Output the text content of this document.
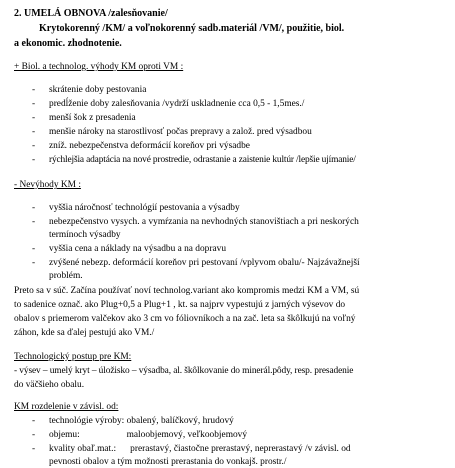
2. UMELÁ OBNOVA /zalesňovanie/
Krytokorenný /KM/ a voľnokorenný sadb.materiál /VM/, použitie, biol.
a ekonomic. zhodnotenie.
+ Biol. a technolog. výhody KM oproti VM :
- skrátenie doby pestovania
- predĺženie doby zalesňovania /vydrží uskladnenie cca 0,5 - 1,5mes./
- menší šok z presadenia
- menšie nároky na starostlivosť počas prepravy a založ. pred výsadbou
- zníž. nebezpečenstva deformácií koreňov pri výsadbe
- rýchlejšia adaptácia na nové prostredie, odrastanie a zaistenie kultúr /lepšie ujímanie/
- Nevýhody KM :
- vyššia náročnosť technológií pestovania a výsadby
- nebezpečenstvo vysych. a vymŕzania na nevhodných stanovištiach a pri neskorých
termínoch výsadby
- vyššia cena a náklady na výsadbu a na dopravu
- zvýšené nebezp. deformácií koreňov pri pestovaní /vplyvom obalu/- Najzávažnejší
problém.
Preto sa v súč. Začína používať noví technolog.variant ako kompromis medzi KM a VM, sú
to sadenice označ. ako Plug+0,5 a Plug+1 , kt. sa najprv vypestujú z jarných výsevov do
obalov s priemerom valčekov ako 3 cm vo fóliovníkoch a na zač. leta sa škôlkujú na voľný
záhon, kde sa ďalej pestujú ako VM./
Technologický postup pre KM:
- výsev – umelý kryt – úložisko – výsadba, al. škôlkovanie do minerál.pôdy, resp. presadenie
do väčšieho obalu.
KM rozdelenie v závisl. od:
- technológie výroby: obalený, balíčkový, hrudový
- objemu:                    maloobjemový, veľkoobjemový
- kvality obaľ.mat.:      prerastavý, čiastočne prerastavý, neprerastavý /v závisl. od
pevnosti obalov a tým možnosti prerastania do vonkajš. prostr./
